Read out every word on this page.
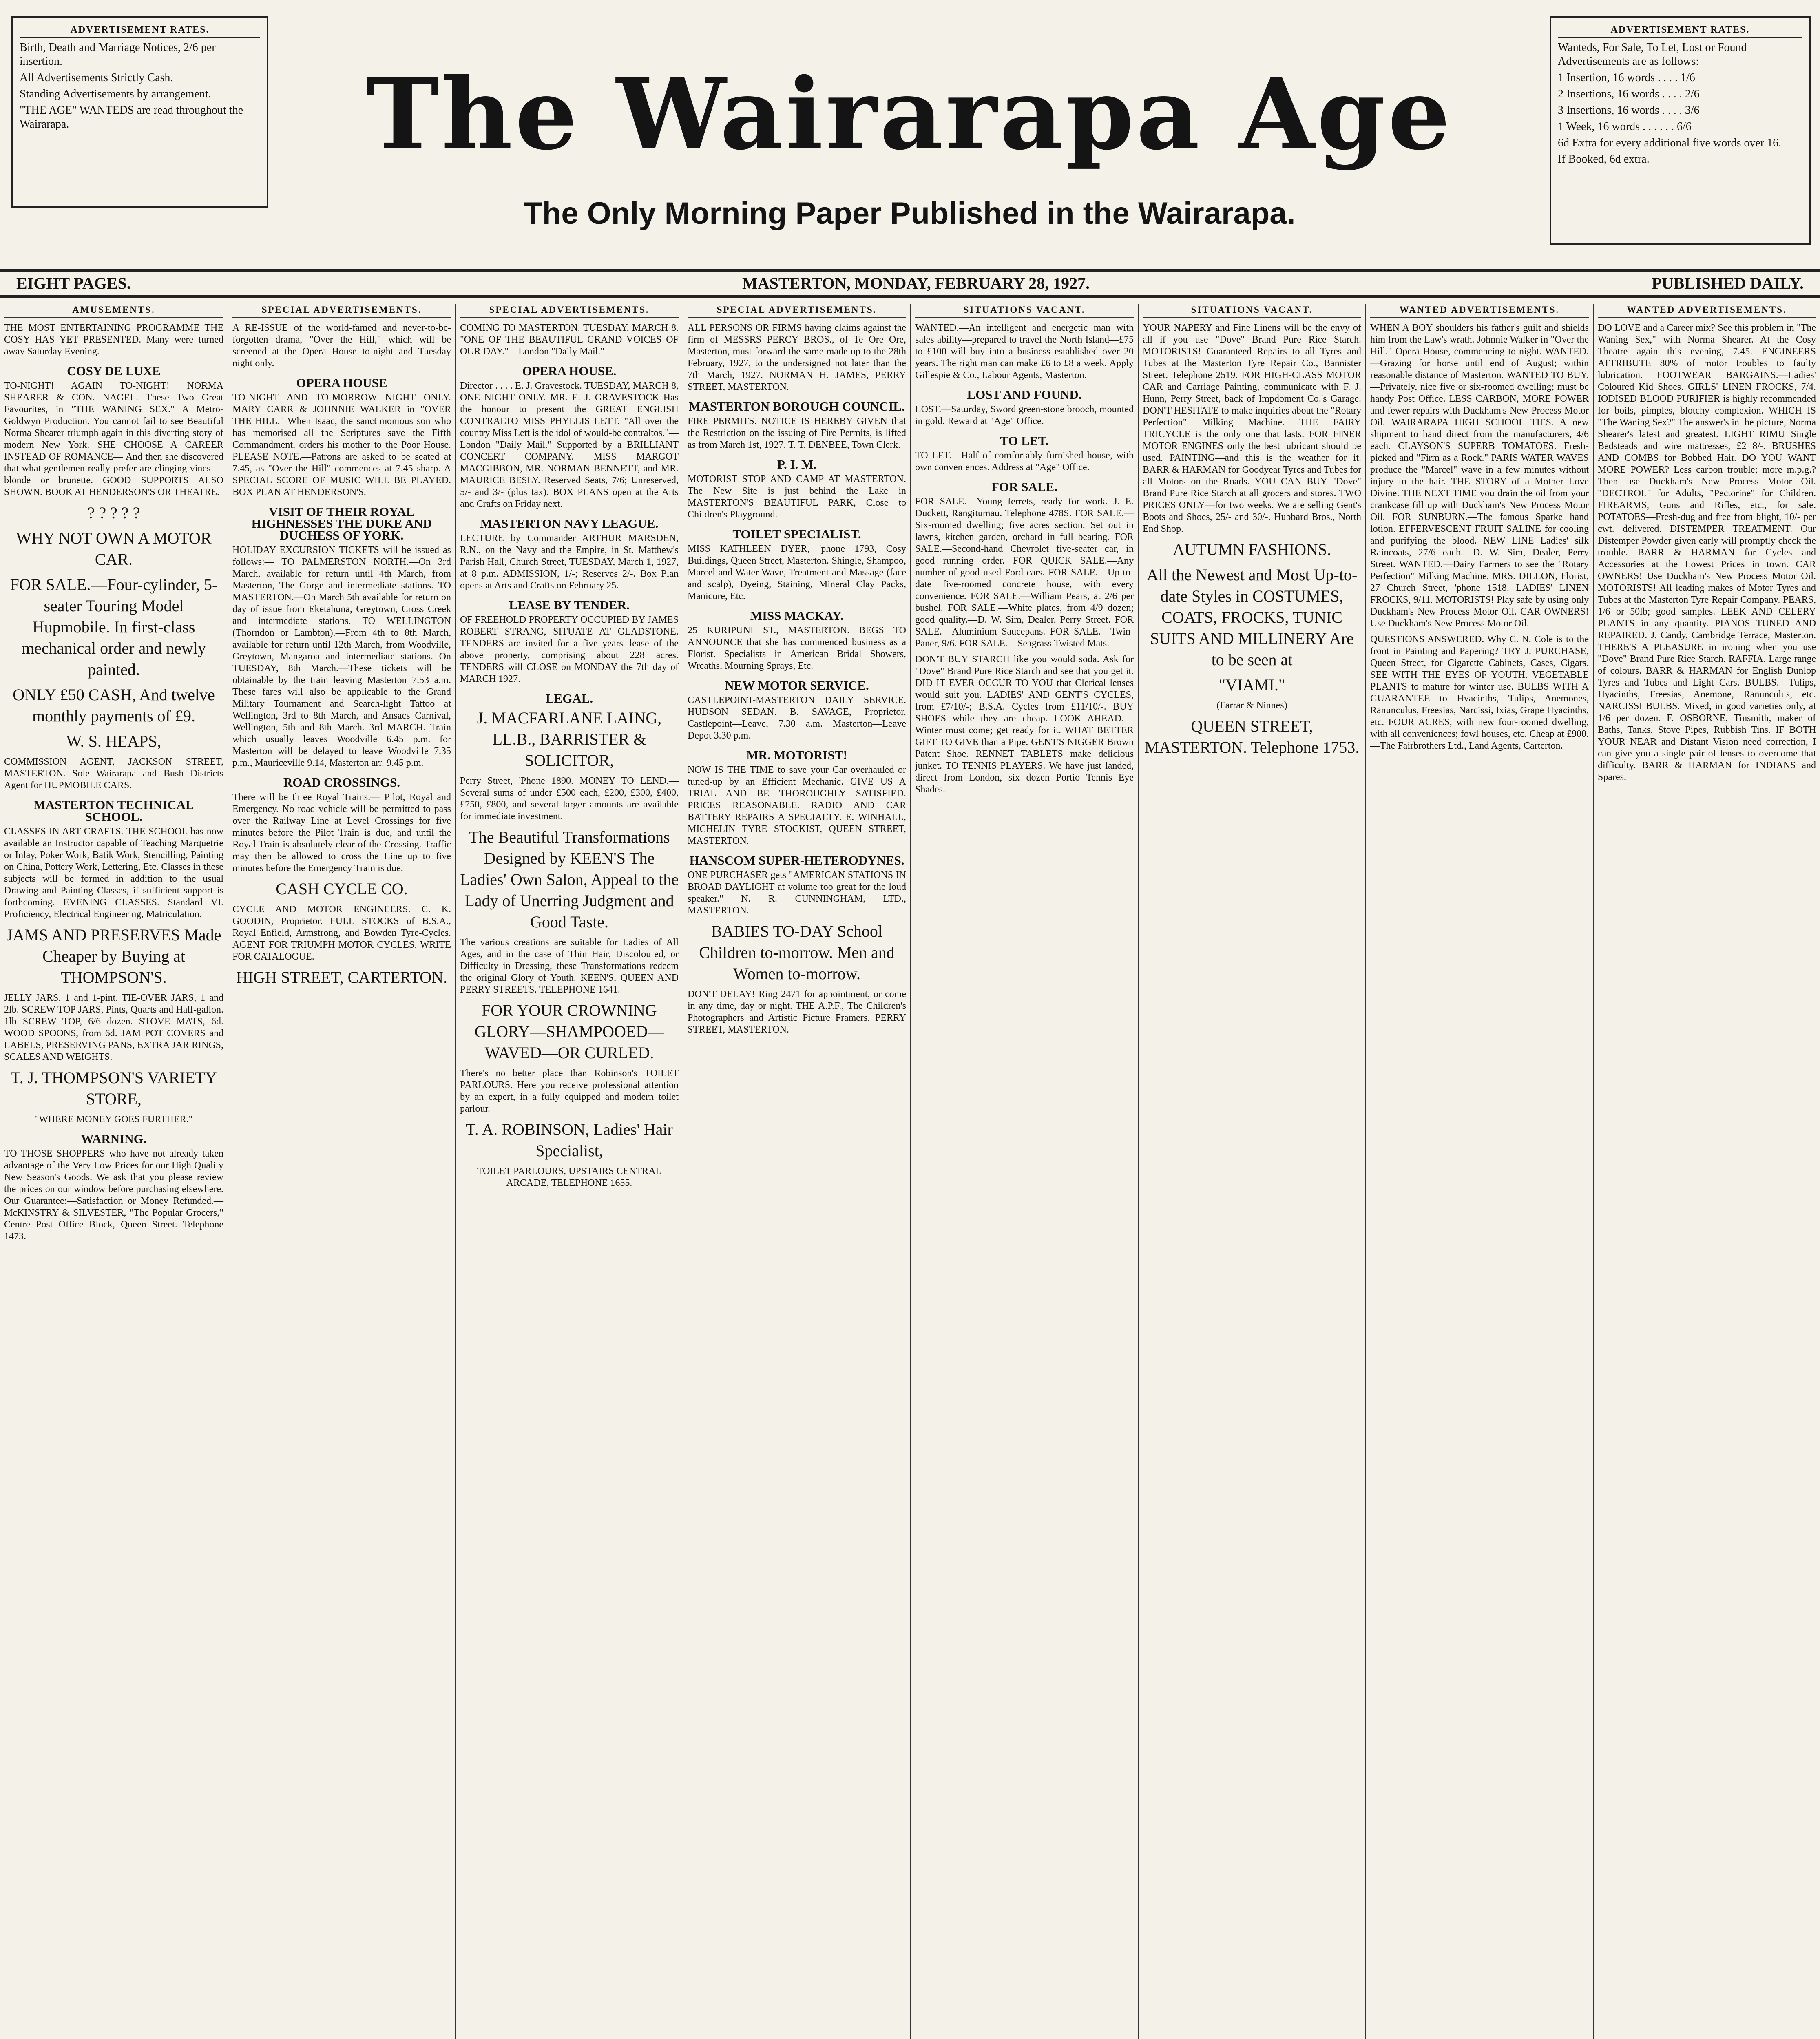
ADVERTISEMENT RATES.

Birth, Death and Marriage Notices, 2/6 per insertion.

All Advertisements Strictly Cash.

Standing Advertisements by arrangement.

"THE AGE" WANTEDS are read throughout the Wairarapa.	The Wairarapa Age
The Only Morning Paper Published in the Wairarapa.
ADVERTISEMENT RATES.

Wanteds, For Sale, To Let, Lost or Found Advertisements are as follows:—

1 Insertion, 16 words . . . . 1/6

2 Insertions, 16 words . . . . 2/6

3 Insertions, 16 words . . . . 3/6

1 Week, 16 words . . . . . . 6/6

6d Extra for every additional five words over 16.

If Booked, 6d extra.

EIGHT PAGES.	MASTERTON, MONDAY, FEBRUARY 28, 1927.	PUBLISHED DAILY.
AMUSEMENTS.

THE MOST ENTERTAINING PROGRAMME THE COSY HAS YET PRESENTED. Many were turned away Saturday Evening.

COSY DE LUXE

TO-NIGHT! AGAIN TO-NIGHT! NORMA SHEARER & CON. NAGEL. These Two Great Favourites, in "THE WANING SEX." A Metro-Goldwyn Production. You cannot fail to see Beautiful Norma Shearer triumph again in this diverting story of modern New York. SHE CHOOSE A CAREER INSTEAD OF ROMANCE— And then she discovered that what gentlemen really prefer are clinging vines —blonde or brunette. GOOD SUPPORTS ALSO SHOWN. BOOK AT HENDERSON'S OR THEATRE.

? ? ? ? ?

WHY NOT OWN A MOTOR CAR.

FOR SALE.—Four-cylinder, 5-seater Touring Model Hupmobile. In first-class mechanical order and newly painted.

ONLY £50 CASH, And twelve monthly payments of £9.

W. S. HEAPS,

COMMISSION AGENT, JACKSON STREET, MASTERTON. Sole Wairarapa and Bush Districts Agent for HUPMOBILE CARS.

MASTERTON TECHNICAL SCHOOL.

CLASSES IN ART CRAFTS. THE SCHOOL has now available an Instructor capable of Teaching Marquetrie or Inlay, Poker Work, Batik Work, Stencilling, Painting on China, Pottery Work, Lettering, Etc. Classes in these subjects will be formed in addition to the usual Drawing and Painting Classes, if sufficient support is forthcoming. EVENING CLASSES. Standard VI. Proficiency, Electrical Engineering, Matriculation.

JAMS AND PRESERVES Made Cheaper by Buying at THOMPSON'S.

JELLY JARS, 1 and 1-pint. TIE-OVER JARS, 1 and 2lb. SCREW TOP JARS, Pints, Quarts and Half-gallon. 1lb SCREW TOP, 6/6 dozen. STOVE MATS, 6d. WOOD SPOONS, from 6d. JAM POT COVERS and LABELS, PRESERVING PANS, EXTRA JAR RINGS, SCALES AND WEIGHTS.

T. J. THOMPSON'S VARIETY STORE,

"WHERE MONEY GOES FURTHER."

WARNING.

TO THOSE SHOPPERS who have not already taken advantage of the Very Low Prices for our High Quality New Season's Goods. We ask that you please review the prices on our window before purchasing elsewhere. Our Guarantee:—Satisfaction or Money Refunded.—McKINSTRY & SILVESTER, "The Popular Grocers," Centre Post Office Block, Queen Street. Telephone 1473.

SPECIAL ADVERTISEMENTS.

A RE-ISSUE of the world-famed and never-to-be-forgotten drama, "Over the Hill," which will be screened at the Opera House to-night and Tuesday night only.

OPERA HOUSE

TO-NIGHT AND TO-MORROW NIGHT ONLY. MARY CARR & JOHNNIE WALKER in "OVER THE HILL." When Isaac, the sanctimonious son who has memorised all the Scriptures save the Fifth Commandment, orders his mother to the Poor House. PLEASE NOTE.—Patrons are asked to be seated at 7.45, as "Over the Hill" commences at 7.45 sharp. A SPECIAL SCORE OF MUSIC WILL BE PLAYED. BOX PLAN AT HENDERSON'S.

VISIT OF THEIR ROYAL HIGHNESSES THE DUKE AND DUCHESS OF YORK.

HOLIDAY EXCURSION TICKETS will be issued as follows:— TO PALMERSTON NORTH.—On 3rd March, available for return until 4th March, from Masterton, The Gorge and intermediate stations. TO MASTERTON.—On March 5th available for return on day of issue from Eketahuna, Greytown, Cross Creek and intermediate stations. TO WELLINGTON (Thorndon or Lambton).—From 4th to 8th March, available for return until 12th March, from Woodville, Greytown, Mangaroa and intermediate stations. On TUESDAY, 8th March.—These tickets will be obtainable by the train leaving Masterton 7.53 a.m. These fares will also be applicable to the Grand Military Tournament and Search-light Tattoo at Wellington, 3rd to 8th March, and Ansacs Carnival, Wellington, 5th and 8th March. 3rd MARCH. Train which usually leaves Woodville 6.45 p.m. for Masterton will be delayed to leave Woodville 7.35 p.m., Mauriceville 9.14, Masterton arr. 9.45 p.m.

ROAD CROSSINGS.

There will be three Royal Trains.— Pilot, Royal and Emergency. No road vehicle will be permitted to pass over the Railway Line at Level Crossings for five minutes before the Pilot Train is due, and until the Royal Train is absolutely clear of the Crossing. Traffic may then be allowed to cross the Line up to five minutes before the Emergency Train is due.

CASH CYCLE CO.

CYCLE AND MOTOR ENGINEERS. C. K. GOODIN, Proprietor. FULL STOCKS of B.S.A., Royal Enfield, Armstrong, and Bowden Tyre-Cycles. AGENT FOR TRIUMPH MOTOR CYCLES. WRITE FOR CATALOGUE.

HIGH STREET, CARTERTON.

SPECIAL ADVERTISEMENTS.

COMING TO MASTERTON. TUESDAY, MARCH 8. "ONE OF THE BEAUTIFUL GRAND VOICES OF OUR DAY."—London "Daily Mail."

OPERA HOUSE.

Director . . . . E. J. Gravestock. TUESDAY, MARCH 8, ONE NIGHT ONLY. MR. E. J. GRAVESTOCK Has the honour to present the GREAT ENGLISH CONTRALTO MISS PHYLLIS LETT. "All over the country Miss Lett is the idol of would-be contraltos."—London "Daily Mail." Supported by a BRILLIANT CONCERT COMPANY. MISS MARGOT MACGIBBON, MR. NORMAN BENNETT, and MR. MAURICE BESLY. Reserved Seats, 7/6; Unreserved, 5/- and 3/- (plus tax). BOX PLANS open at the Arts and Crafts on Friday next.

MASTERTON NAVY LEAGUE.

LECTURE by Commander ARTHUR MARSDEN, R.N., on the Navy and the Empire, in St. Matthew's Parish Hall, Church Street, TUESDAY, March 1, 1927, at 8 p.m. ADMISSION, 1/-; Reserves 2/-. Box Plan opens at Arts and Crafts on February 25.

LEASE BY TENDER.

OF FREEHOLD PROPERTY OCCUPIED BY JAMES ROBERT STRANG, SITUATE AT GLADSTONE. TENDERS are invited for a five years' lease of the above property, comprising about 228 acres. TENDERS will CLOSE on MONDAY the 7th day of MARCH 1927.

LEGAL.

J. MACFARLANE LAING, LL.B., BARRISTER & SOLICITOR,

Perry Street, 'Phone 1890. MONEY TO LEND.—Several sums of under £500 each, £200, £300, £400, £750, £800, and several larger amounts are available for immediate investment.

The Beautiful Transformations Designed by KEEN'S The Ladies' Own Salon, Appeal to the Lady of Unerring Judgment and Good Taste.

The various creations are suitable for Ladies of All Ages, and in the case of Thin Hair, Discoloured, or Difficulty in Dressing, these Transformations redeem the original Glory of Youth. KEEN'S, QUEEN AND PERRY STREETS. TELEPHONE 1641.

FOR YOUR CROWNING GLORY—SHAMPOOED—WAVED—OR CURLED.

There's no better place than Robinson's TOILET PARLOURS. Here you receive professional attention by an expert, in a fully equipped and modern toilet parlour.

T. A. ROBINSON, Ladies' Hair Specialist,

TOILET PARLOURS, UPSTAIRS CENTRAL ARCADE, TELEPHONE 1655.

SPECIAL ADVERTISEMENTS.

ALL PERSONS OR FIRMS having claims against the firm of MESSRS PERCY BROS., of Te Ore Ore, Masterton, must forward the same made up to the 28th February, 1927, to the undersigned not later than the 7th March, 1927. NORMAN H. JAMES, PERRY STREET, MASTERTON.

MASTERTON BOROUGH COUNCIL.

FIRE PERMITS. NOTICE IS HEREBY GIVEN that the Restriction on the issuing of Fire Permits, is lifted as from March 1st, 1927. T. T. DENBEE, Town Clerk.

P. I. M.

MOTORIST STOP AND CAMP AT MASTERTON. The New Site is just behind the Lake in MASTERTON'S BEAUTIFUL PARK, Close to Children's Playground.

TOILET SPECIALIST.

MISS KATHLEEN DYER, 'phone 1793, Cosy Buildings, Queen Street, Masterton. Shingle, Shampoo, Marcel and Water Wave, Treatment and Massage (face and scalp), Dyeing, Staining, Mineral Clay Packs, Manicure, Etc.

MISS MACKAY.

25 KURIPUNI ST., MASTERTON. BEGS TO ANNOUNCE that she has commenced business as a Florist. Specialists in American Bridal Showers, Wreaths, Mourning Sprays, Etc.

NEW MOTOR SERVICE.

CASTLEPOINT-MASTERTON DAILY SERVICE. HUDSON SEDAN. B. SAVAGE, Proprietor. Castlepoint—Leave, 7.30 a.m. Masterton—Leave Depot 3.30 p.m.

MR. MOTORIST!

NOW IS THE TIME to save your Car overhauled or tuned-up by an Efficient Mechanic. GIVE US A TRIAL AND BE THOROUGHLY SATISFIED. PRICES REASONABLE. RADIO AND CAR BATTERY REPAIRS A SPECIALTY. E. WINHALL, MICHELIN TYRE STOCKIST, QUEEN STREET, MASTERTON.

HANSCOM SUPER-HETERODYNES.

ONE PURCHASER gets "AMERICAN STATIONS IN BROAD DAYLIGHT at volume too great for the loud speaker." N. R. CUNNINGHAM, LTD., MASTERTON.

BABIES TO-DAY School Children to-morrow. Men and Women to-morrow.

DON'T DELAY! Ring 2471 for appointment, or come in any time, day or night. THE A.P.F., The Children's Photographers and Artistic Picture Framers, PERRY STREET, MASTERTON.

SITUATIONS VACANT.

WANTED.—An intelligent and energetic man with sales ability—prepared to travel the North Island—£75 to £100 will buy into a business established over 20 years. The right man can make £6 to £8 a week. Apply Gillespie & Co., Labour Agents, Masterton.

LOST AND FOUND.

LOST.—Saturday, Sword green-stone brooch, mounted in gold. Reward at "Age" Office.

TO LET.

TO LET.—Half of comfortably furnished house, with own conveniences. Address at "Age" Office.

FOR SALE.

FOR SALE.—Young ferrets, ready for work. J. E. Duckett, Rangitumau. Telephone 478S. FOR SALE.—Six-roomed dwelling; five acres section. Set out in lawns, kitchen garden, orchard in full bearing. FOR SALE.—Second-hand Chevrolet five-seater car, in good running order. FOR QUICK SALE.—Any number of good used Ford cars. FOR SALE.—Up-to-date five-roomed concrete house, with every convenience. FOR SALE.—William Pears, at 2/6 per bushel. FOR SALE.—White plates, from 4/9 dozen; good quality.—D. W. Sim, Dealer, Perry Street. FOR SALE.—Aluminium Saucepans. FOR SALE.—Twin-Paner, 9/6. FOR SALE.—Seagrass Twisted Mats.

DON'T BUY STARCH like you would soda. Ask for "Dove" Brand Pure Rice Starch and see that you get it. DID IT EVER OCCUR TO YOU that Clerical lenses would suit you. LADIES' AND GENT'S CYCLES, from £7/10/-; B.S.A. Cycles from £11/10/-. BUY SHOES while they are cheap. LOOK AHEAD.—Winter must come; get ready for it. WHAT BETTER GIFT TO GIVE than a Pipe. GENT'S NIGGER Brown Patent Shoe. RENNET TABLETS make delicious junket. TO TENNIS PLAYERS. We have just landed, direct from London, six dozen Portio Tennis Eye Shades.

SITUATIONS VACANT.

YOUR NAPERY and Fine Linens will be the envy of all if you use "Dove" Brand Pure Rice Starch. MOTORISTS! Guaranteed Repairs to all Tyres and Tubes at the Masterton Tyre Repair Co., Bannister Street. Telephone 2519. FOR HIGH-CLASS MOTOR CAR and Carriage Painting, communicate with F. J. Hunn, Perry Street, back of Impdoment Co.'s Garage. DON'T HESITATE to make inquiries about the "Rotary Perfection" Milking Machine. THE FAIRY TRICYCLE is the only one that lasts. FOR FINER MOTOR ENGINES only the best lubricant should be used. PAINTING—and this is the weather for it. BARR & HARMAN for Goodyear Tyres and Tubes for all Motors on the Roads. YOU CAN BUY "Dove" Brand Pure Rice Starch at all grocers and stores. TWO PRICES ONLY—for two weeks. We are selling Gent's Boots and Shoes, 25/- and 30/-. Hubbard Bros., North End Shop.

AUTUMN FASHIONS.

All the Newest and Most Up-to-date Styles in COSTUMES, COATS, FROCKS, TUNIC SUITS AND MILLINERY Are to be seen at

"VIAMI."

(Farrar & Ninnes)

QUEEN STREET, MASTERTON. Telephone 1753.

WANTED ADVERTISEMENTS.

WHEN A BOY shoulders his father's guilt and shields him from the Law's wrath. Johnnie Walker in "Over the Hill." Opera House, commencing to-night. WANTED.—Grazing for horse until end of August; within reasonable distance of Masterton. WANTED TO BUY.—Privately, nice five or six-roomed dwelling; must be handy Post Office. LESS CARBON, MORE POWER and fewer repairs with Duckham's New Process Motor Oil. WAIRARAPA HIGH SCHOOL TIES. A new shipment to hand direct from the manufacturers, 4/6 each. CLAYSON'S SUPERB TOMATOES. Fresh-picked and "Firm as a Rock." PARIS WATER WAVES produce the "Marcel" wave in a few minutes without injury to the hair. THE STORY of a Mother Love Divine. THE NEXT TIME you drain the oil from your crankcase fill up with Duckham's New Process Motor Oil. FOR SUNBURN.—The famous Sparke hand lotion. EFFERVESCENT FRUIT SALINE for cooling and purifying the blood. NEW LINE Ladies' silk Raincoats, 27/6 each.—D. W. Sim, Dealer, Perry Street. WANTED.—Dairy Farmers to see the "Rotary Perfection" Milking Machine. MRS. DILLON, Florist, 27 Church Street, 'phone 1518. LADIES' LINEN FROCKS, 9/11. MOTORISTS! Play safe by using only Duckham's New Process Motor Oil. CAR OWNERS! Use Duckham's New Process Motor Oil.

QUESTIONS ANSWERED. Why C. N. Cole is to the front in Painting and Papering? TRY J. PURCHASE, Queen Street, for Cigarette Cabinets, Cases, Cigars. SEE WITH THE EYES OF YOUTH. VEGETABLE PLANTS to mature for winter use. BULBS WITH A GUARANTEE to Hyacinths, Tulips, Anemones, Ranunculus, Freesias, Narcissi, Ixias, Grape Hyacinths, etc. FOUR ACRES, with new four-roomed dwelling, with all conveniences; fowl houses, etc. Cheap at £900.—The Fairbrothers Ltd., Land Agents, Carterton.

WANTED ADVERTISEMENTS.

DO LOVE and a Career mix? See this problem in "The Waning Sex," with Norma Shearer. At the Cosy Theatre again this evening, 7.45. ENGINEERS ATTRIBUTE 80% of motor troubles to faulty lubrication. FOOTWEAR BARGAINS.—Ladies' Coloured Kid Shoes. GIRLS' LINEN FROCKS, 7/4. IODISED BLOOD PURIFIER is highly recommended for boils, pimples, blotchy complexion. WHICH IS "The Waning Sex?" The answer's in the picture, Norma Shearer's latest and greatest. LIGHT RIMU Single Bedsteads and wire mattresses, £2 8/-. BRUSHES AND COMBS for Bobbed Hair. DO YOU WANT MORE POWER? Less carbon trouble; more m.p.g.? Then use Duckham's New Process Motor Oil. "DECTROL" for Adults, "Pectorine" for Children. FIREARMS, Guns and Rifles, etc., for sale. POTATOES—Fresh-dug and free from blight, 10/- per cwt. delivered. DISTEMPER TREATMENT. Our Distemper Powder given early will promptly check the trouble. BARR & HARMAN for Cycles and Accessories at the Lowest Prices in town. CAR OWNERS! Use Duckham's New Process Motor Oil. MOTORISTS! All leading makes of Motor Tyres and Tubes at the Masterton Tyre Repair Company. PEARS, 1/6 or 50lb; good samples. LEEK AND CELERY PLANTS in any quantity. PIANOS TUNED AND REPAIRED. J. Candy, Cambridge Terrace, Masterton. THERE'S A PLEASURE in ironing when you use "Dove" Brand Pure Rice Starch. RAFFIA. Large range of colours. BARR & HARMAN for English Dunlop Tyres and Tubes and Light Cars. BULBS.—Tulips, Hyacinths, Freesias, Anemone, Ranunculus, etc. NARCISSI BULBS. Mixed, in good varieties only, at 1/6 per dozen. F. OSBORNE, Tinsmith, maker of Baths, Tanks, Stove Pipes, Rubbish Tins. IF BOTH YOUR NEAR and Distant Vision need correction, I can give you a single pair of lenses to overcome that difficulty. BARR & HARMAN for INDIANS and Spares.
